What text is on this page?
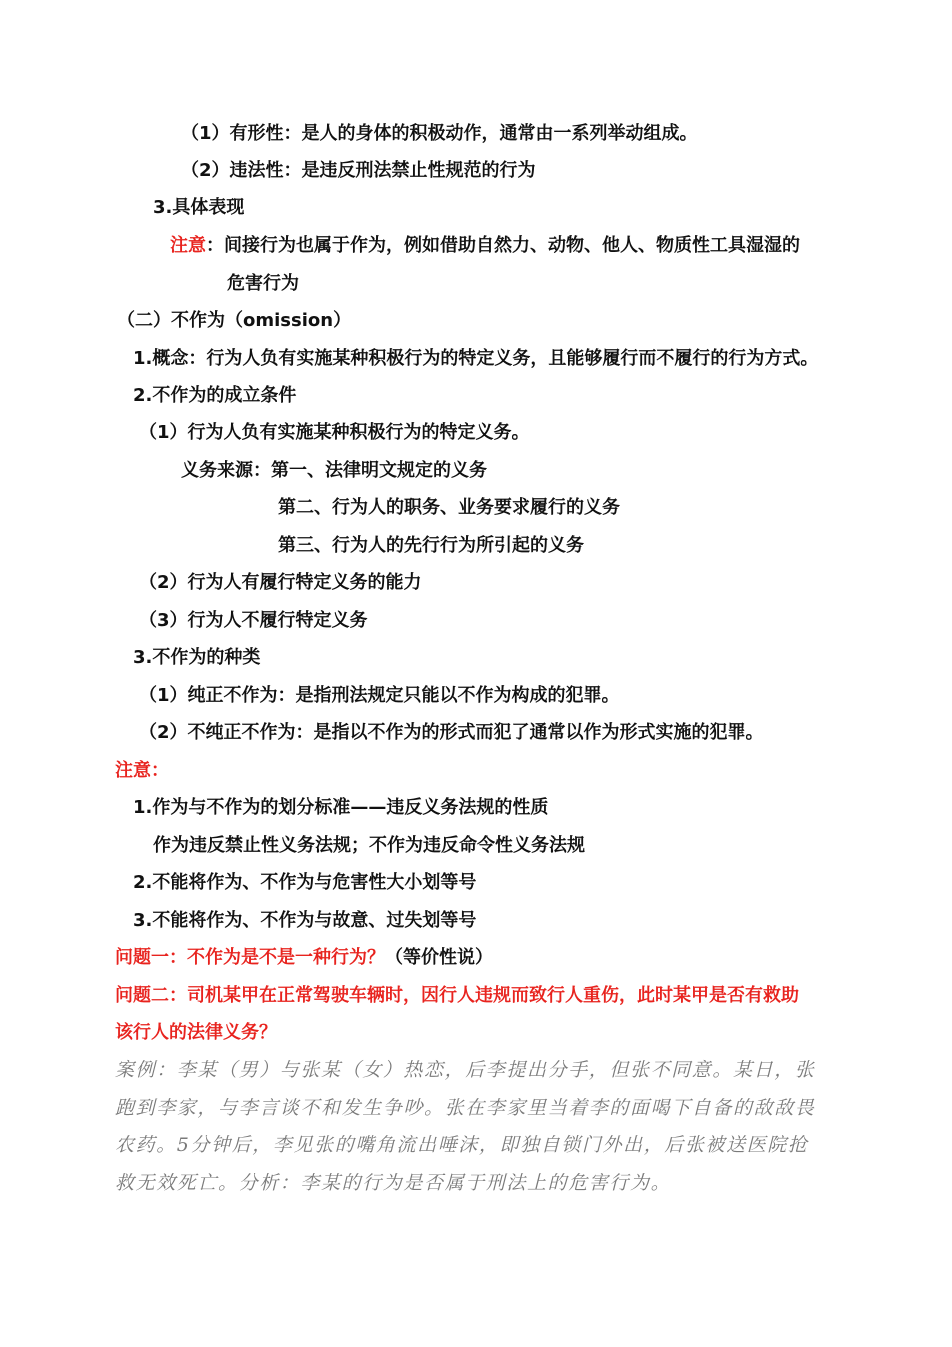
（1）有形性：是人的身体的积极动作，通常由一系列举动组成。
（2）违法性：是违反刑法禁止性规范的行为
3.具体表现
注意：间接行为也属于作为，例如借助自然力、动物、他人、物质性工具湿湿的
危害行为
（二）不作为（omission）
1.概念：行为人负有实施某种积极行为的特定义务，且能够履行而不履行的行为方式。
2.不作为的成立条件
（1）行为人负有实施某种积极行为的特定义务。
义务来源：第一、法律明文规定的义务
第二、行为人的职务、业务要求履行的义务
第三、行为人的先行行为所引起的义务
（2）行为人有履行特定义务的能力
（3）行为人不履行特定义务
3.不作为的种类
（1）纯正不作为：是指刑法规定只能以不作为构成的犯罪。
（2）不纯正不作为：是指以不作为的形式而犯了通常以作为形式实施的犯罪。
注意：
1.作为与不作为的划分标准——违反义务法规的性质
作为违反禁止性义务法规；不作为违反命令性义务法规
2.不能将作为、不作为与危害性大小划等号
3.不能将作为、不作为与故意、过失划等号
问题一：不作为是不是一种行为？（等价性说）
问题二：司机某甲在正常驾驶车辆时，因行人违规而致行人重伤，此时某甲是否有救助
该行人的法律义务？
案例：李某（男）与张某（女）热恋，后李提出分手，但张不同意。某日，张
跑到李家，与李言谈不和发生争吵。张在李家里当着李的面喝下自备的敌敌畏
农药。5分钟后，李见张的嘴角流出唾沫，即独自锁门外出，后张被送医院抢
救无效死亡。分析：李某的行为是否属于刑法上的危害行为。
